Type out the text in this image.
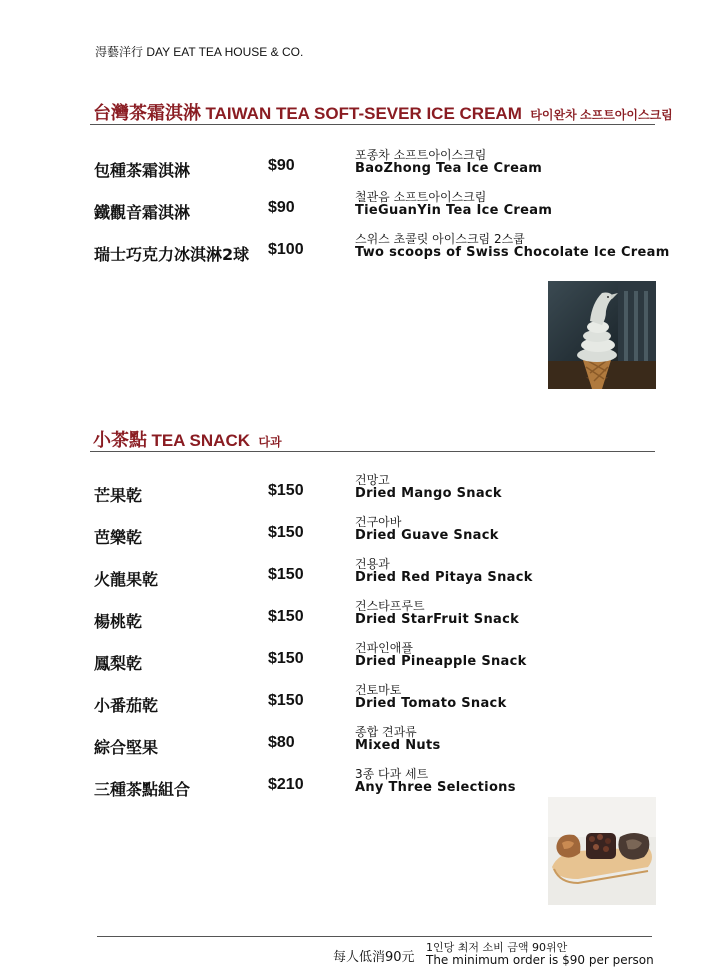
淂藝洋行 DAY EAT TEA HOUSE & CO.
台灣茶霜淇淋 TAIWAN TEA SOFT-SEVER ICE CREAM 타이완차 소프트아이스크림
包種茶霜淇淋	$90
포종차 소프트아이스크림
BaoZhong Tea Ice Cream
鐵觀音霜淇淋	$90
철관음 소프트아이스크림
TieGuanYin Tea Ice Cream
瑞士巧克力冰淇淋2球 $100
스위스 초콜릿 아이스크림 2스쿱
Two scoops of Swiss Chocolate Ice Cream
小茶點 TEA SNACK 다과
芒果乾	$150
건망고
Dried Mango Snack
芭樂乾	$150
건구아바
Dried Guave Snack
火龍果乾	$150
건용과
Dried Red Pitaya Snack
楊桃乾	$150
건스타프루트
Dried StarFruit Snack
鳳梨乾	$150
건파인애플
Dried Pineapple Snack
小番茄乾	$150
건토마토
Dried Tomato Snack
綜合堅果	$80
종합 견과류
Mixed Nuts
三種茶點組合	$210
3종 다과 세트
Any Three Selections
每人低消90元
1인당 최저 소비 금액 90위안
The minimum order is $90 per person
